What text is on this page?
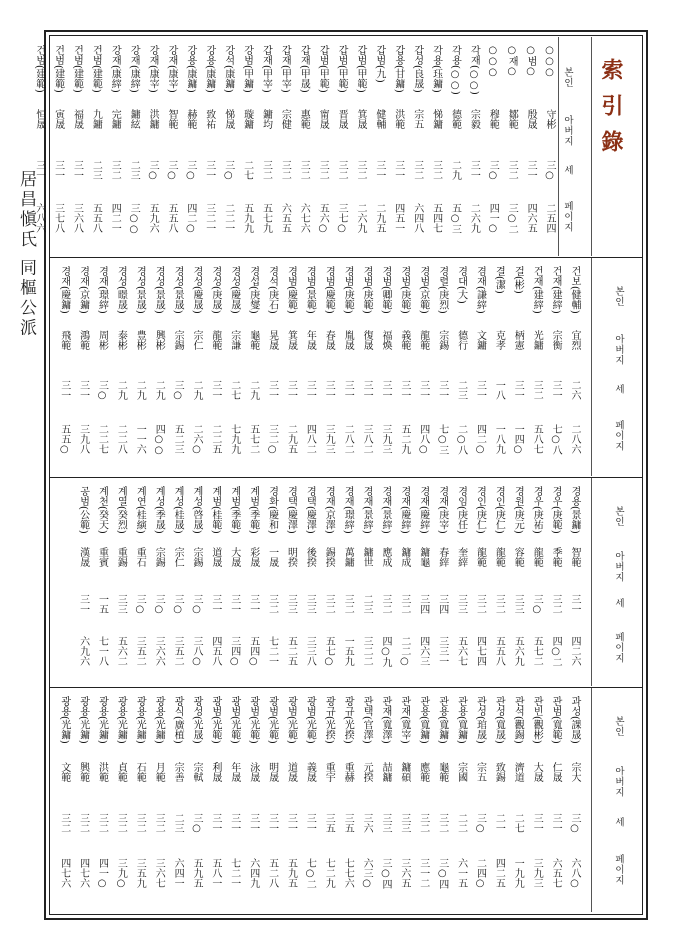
居昌愼氏 同樞公派
索引錄
본인
아버지
세
페이지
○○○
守彬
三○
二五四
○범○
殷晟
三一
四六五
○재○
鄒範
三二
三○二
○○○
穆範
三○
四一○
각재(○○)
宗毅
三一
二六九
각용(○○)
德範
二九
五○三
각용(珏鏞)
悌鏞
三二
五四七
갑성(良晟)
宗五
三二
六四八
갑용(甘鏞)
洪範
三一
四五一
갑범(九)
健輔
三一
二九五
갑범(甲範)
箕晟
三二
二六九
갑범(甲範)
晋晟
三二
三七○
갑범(甲範)
甯晟
三二
五六○
갑재(甲晟)
惠範
三二
六七六
갑재(甲宰)
宗健
三二
六五五
갑재(甲宰)
鏞均
三二
五七九
강범(甲鏞)
璇鏞
二七
五九九
강석(康鏞)
悌晟
三○
二二一
강용(康鏞)
致祐
三一
三二一
강용(康鏞)
赫範
三○
四二○
강재(康宰)
智範
三○
五五八
강재(康宰)
洪鏞
三○
五九六
강재(康縡)
鏞絃
二三
三○○
강재(康縡)
完鏞
三二
四二一
건범(建範)
九鏞
二三
五五八
건범(建範)
福晟
三一
三六八
건범(建範)
寅晟
三一
三七八
건범(建範)
恒晟
三一
六八六
본인
아버지
세
페이지
건보(健輔)
宜烈
二六
二八六
건재(建縡)
宗衡
三一
七○八
건재(建縡)
光鏞
三二
五八七
걸(彬)
柄憲
三一
一四○
결(潔)
克孝
一八
一八九
겸재(謙縡)
文鏞
三一
四二○
경대(大)
德行
二三
二○八
경렬(庚烈)
宗錫
三一
七○三
경범(京範)
龍範
三一
四八○
경범(庚範)
義範
三一
五二九
경범(卿範)
福煥
三一
三九三
경범(庚範)
復晟
三一
三八二
경범(庚範)
胤晟
三一
二八二
경범(慶範)
春晟
三一
三九三
경범(景範)
年晟
三一
四八二
경범(慶範)
箕晟
三一
二九五
경석(庚石)
晃晟
三一
三二○
경섭(庚燮)
龜範
二九
五七二
경성(慶晟)
宗謙
二七
七九九
경성(庚晟)
龍範
三一
二二五
경성(慶晟)
宗仁
二九
二六○
경성(景晟)
宗錫
三○
五二三
경성(景晟)
興彬
二九
四○○
경성(景晟)
豊彬
二九
一一六
경성(暻晟)
泰彬
二九
二二八
경재(璟縡)
周彬
三○
二二七
경재(京鏞)
鴻範
三一
三九八
경재(慶鏞)
飛範
三一
五五○
본인
아버지
세
페이지
경용(景鏞)
智範
三一
四二六
경우(庚範)
季範
三二
四○二
경우(庚祐)
龍範
三○
五七二
경원(庚元)
容範
三三
五六九
경인(庚仁)
龍範
三二
五五八
경인(庚仁)
龍範
三二
四七四
경임(庚任)
奎縡
三三
五六七
경재(庚宰)
春縡
三四
三三一
경재(慶縡)
鏞龜
三四
四六三
경재(慶縡)
鏞成
三二
二二○
경재(景縡)
應成
三二
四○九
경재(景縡)
鏞世
二三
三二二
경재(璟縡)
萬鏞
三二
一五九
경재(京澤)
錫揆
三二
五七○
경택(慶澤)
後揆
三三
三三八
경택(慶澤)
明揆
三三
五二五
경화(慶和)
一晟
三二
七二一
계범(季範)
彩晟
三一
五四○
계범(季範)
大晟
三一
三四○
계범(桂範)
道晟
三一
四五八
계성(啓晟)
宗錫
三○
三八○
계성(桂晟)
宗仁
三○
三五二
계성(季晟)
宗錫
三○
三六六
계연(桂縯)
重石
三○
三五二
계열(癸烈)
重錫
三三
五六二
계천(癸天)
重賓
一五
七一八
공범(公範)
漢晟
三一
六九六
본인
아버지
세
페이지
과성(課晟)
宗大
三○
六八○
관범(寬範)
仁晟
三一
六五七
관빈(觀彬)
大晟
三一
三九三
관석(觀錫)
濟道
二七
一九九
관성(寬晟)
致錫
二一
四二五
관성(琯晟)
宗五
三○
二四○
관용(寬鏞)
宗國
二二
六一五
관용(寬鏞)
龜範
三二
三○四
관용(寬鏞)
應範
三二
三一二
관재(寬宰)
鏞碩
三三
三六五
관재(寬澤)
喆鏞
三三
三○四
관택(官澤)
元揆
三六
六三○
광규(光揆)
重赫
三五
七七六
광규(光揆)
重宇
三五
七二九
광범(光範)
義晟
三一
七○二
광범(光範)
道晟
三一
五九五
광범(光範)
明晟
三一
五二八
광범(光範)
泳晟
三一
六四九
광범(光範)
年晟
三一
七二一
광범(光範)
利晟
三一
五八一
광성(光晟)
宗軾
三○
五九五
광식(廣植)
宗善
二三
六四一
광용(光鏞)
月範
三二
三六七
광용(光鏞)
石範
三二
三五九
광용(光鏞)
貞範
三二
三九○
광용(光鏞)
洪範
三二
四一○
광용(光鏞)
興範
三二
四七六
광용(光鏞)
文範
三二
四七六
